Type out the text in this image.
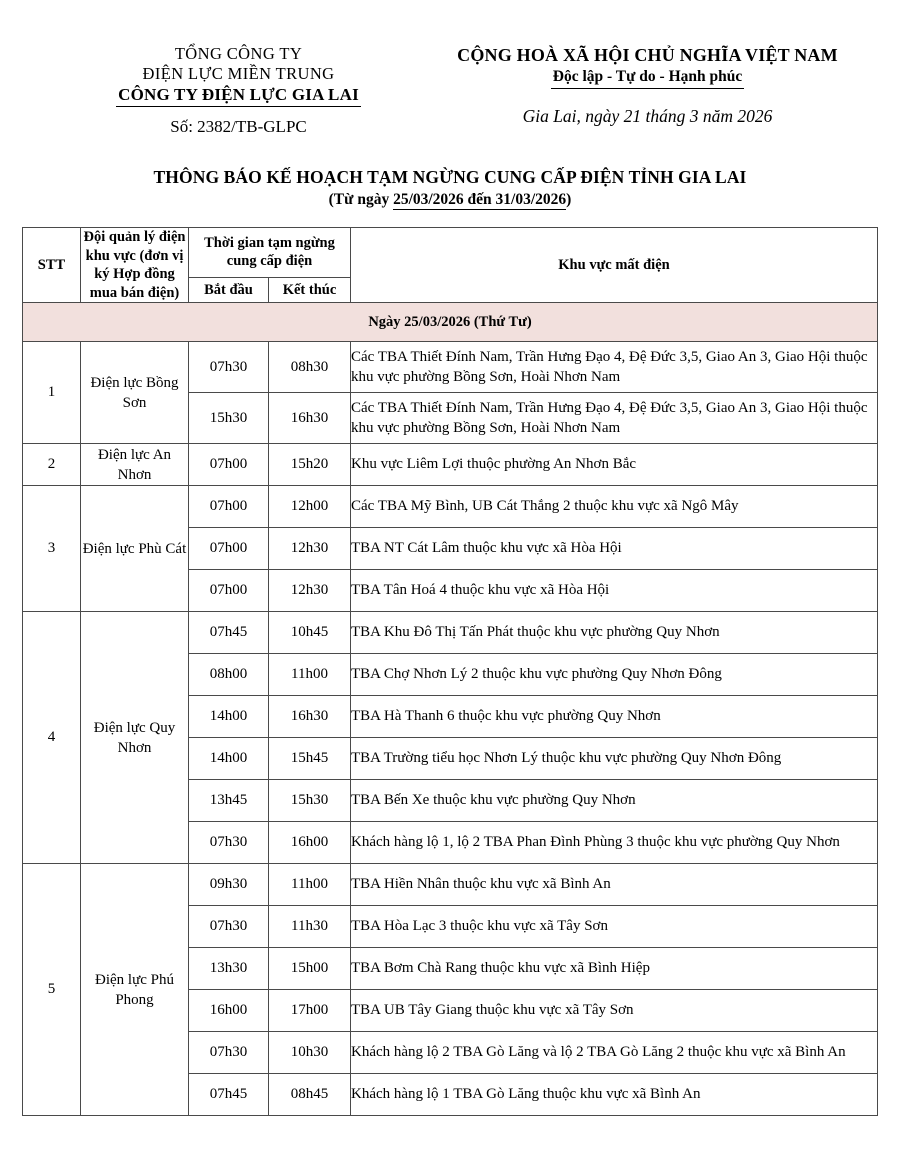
TỔNG CÔNG TY
ĐIỆN LỰC MIỀN TRUNG
CÔNG TY ĐIỆN LỰC GIA LAI
Số: 2382/TB-GLPC
CỘNG HOÀ XÃ HỘI CHỦ NGHĨA VIỆT NAM
Độc lập - Tự do - Hạnh phúc
Gia Lai, ngày 21 tháng 3 năm 2026
THÔNG BÁO KẾ HOẠCH TẠM NGỪNG CUNG CẤP ĐIỆN TỈNH GIA LAI
(Từ ngày 25/03/2026 đến 31/03/2026)
STT	Đội quản lý điện khu vực (đơn vị ký Hợp đồng mua bán điện)	Thời gian tạm ngừng cung cấp điện		Khu vực mất điện
		Bắt đầu	Kết thúc	
Ngày 25/03/2026 (Thứ Tư)				
1	Điện lực Bồng Sơn	07h30	08h30	Các TBA Thiết Đính Nam, Trần Hưng Đạo 4, Đệ Đức 3,5, Giao An 3, Giao Hội thuộc khu vực phường Bồng Sơn, Hoài Nhơn Nam
		15h30	16h30	Các TBA Thiết Đính Nam, Trần Hưng Đạo 4, Đệ Đức 3,5, Giao An 3, Giao Hội thuộc khu vực phường Bồng Sơn, Hoài Nhơn Nam
2	Điện lực An Nhơn	07h00	15h20	Khu vực Liêm Lợi thuộc phường An Nhơn Bắc
3	Điện lực Phù Cát	07h00	12h00	Các TBA Mỹ Bình, UB Cát Thắng 2 thuộc khu vực xã Ngô Mây
		07h00	12h30	TBA NT Cát Lâm thuộc khu vực xã Hòa Hội
		07h00	12h30	TBA Tân Hoá 4 thuộc khu vực xã Hòa Hội
4	Điện lực Quy Nhơn	07h45	10h45	TBA Khu Đô Thị Tấn Phát thuộc khu vực phường Quy Nhơn
		08h00	11h00	TBA Chợ Nhơn Lý 2 thuộc khu vực phường Quy Nhơn Đông
		14h00	16h30	TBA Hà Thanh 6 thuộc khu vực phường Quy Nhơn
		14h00	15h45	TBA Trường tiểu học Nhơn Lý thuộc khu vực phường Quy Nhơn Đông
		13h45	15h30	TBA Bến Xe thuộc khu vực phường Quy Nhơn
		07h30	16h00	Khách hàng lộ 1, lộ 2 TBA Phan Đình Phùng 3 thuộc khu vực phường Quy Nhơn
5	Điện lực Phú Phong	09h30	11h00	TBA Hiền Nhân thuộc khu vực xã Bình An
		07h30	11h30	TBA Hòa Lạc 3 thuộc khu vực xã Tây Sơn
		13h30	15h00	TBA Bơm Chà Rang thuộc khu vực xã Bình Hiệp
		16h00	17h00	TBA UB Tây Giang thuộc khu vực xã Tây Sơn
		07h30	10h30	Khách hàng lộ 2 TBA Gò Lăng và lộ 2 TBA Gò Lăng 2 thuộc khu vực xã Bình An
		07h45	08h45	Khách hàng lộ 1 TBA Gò Lăng thuộc khu vực xã Bình An
